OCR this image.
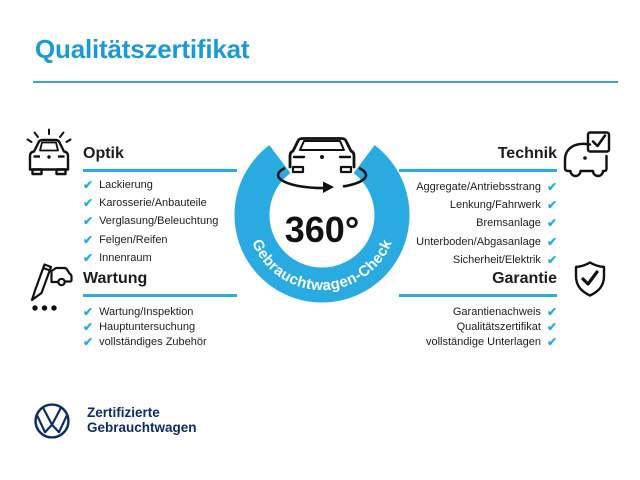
Qualitätszertifikat
Optik
✔ Lackierung
✔ Karosserie/Anbauteile
✔ Verglasung/Beleuchtung
✔ Felgen/Reifen
✔ Innenraum
Technik
Aggregate/Antriebsstrang ✔
Lenkung/Fahrwerk ✔
Bremsanlage ✔
Unterboden/Abgasanlage ✔
Sicherheit/Elektrik ✔
Wartung
✔ Wartung/Inspektion
✔ Hauptuntersuchung
✔ vollständiges Zubehör
Garantie
Garantienachweis ✔
Qualitätszertifikat ✔
vollständige Unterlagen ✔
Gebrauchtwagen-Check
360°
Zertifizierte
Gebrauchtwagen
